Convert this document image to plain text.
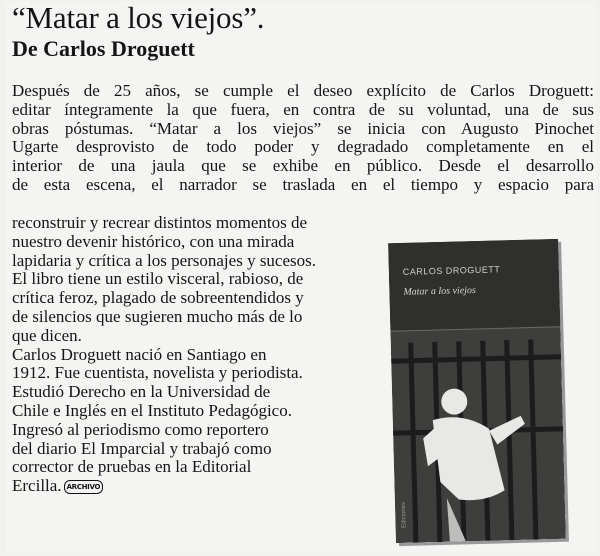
“Matar a los viejos”.
De Carlos Droguett
Después de 25 años, se cumple el deseo explícito de Carlos Droguett:
editar íntegramente la que fuera, en contra de su voluntad, una de sus
obras póstumas. “Matar a los viejos” se inicia con Augusto Pinochet
Ugarte desprovisto de todo poder y degradado completamente en el
interior de una jaula que se exhibe en público. Desde el desarrollo
de esta escena, el narrador se traslada en el tiempo y espacio para
reconstruir y recrear distintos momentos de
nuestro devenir histórico, con una mirada
lapidaria y crítica a los personajes y sucesos.
El libro tiene un estilo visceral, rabioso, de
crítica feroz, plagado de sobreentendidos y
de silencios que sugieren mucho más de lo
que dicen.
Carlos Droguett nació en Santiago en
1912. Fue cuentista, novelista y periodista.
Estudió Derecho en la Universidad de
Chile e Inglés en el Instituto Pedagógico.
Ingresó al periodismo como reportero
del diario El Imparcial y trabajó como
corrector de pruebas en la Editorial
Ercilla. ARCHIVO
CARLOS DROGUETT
Matar a los viejos
Ediciones
